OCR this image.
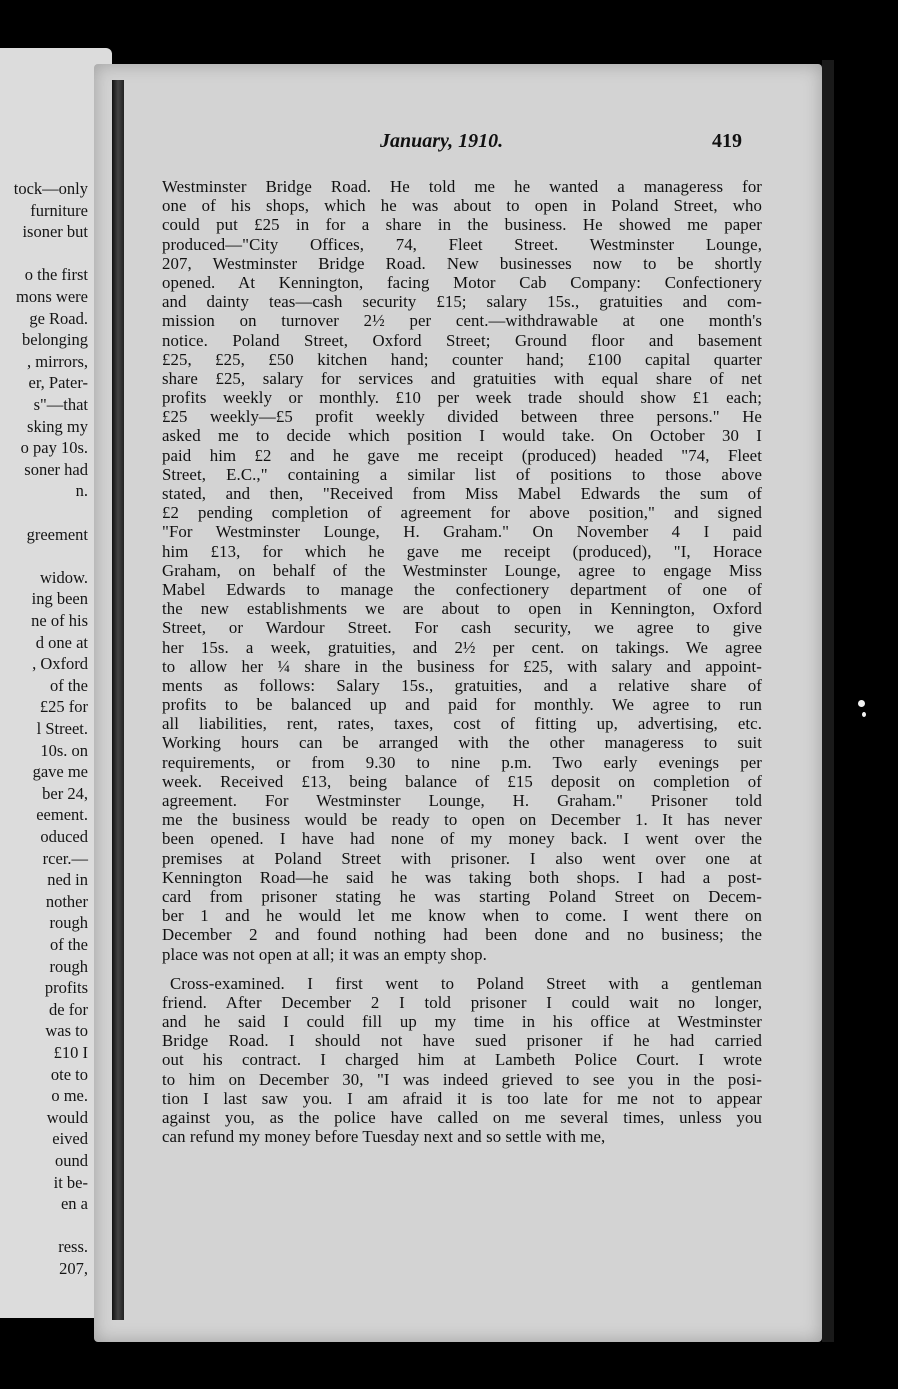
tock—only
furniture
isoner but
o the first
mons were
ge Road.
belonging
, mirrors,
er, Pater-
s"—that
sking my
o pay 10s.
soner had
n.
greement
widow.
ing been
ne of his
d one at
, Oxford
of the
£25 for
l Street.
10s. on
gave me
ber 24,
eement.
oduced
rcer.—
ned in
nother
rough
of the
rough
profits
de for
was to
£10 I
ote to
o me.
would
eived
ound
it be-
en a
ress.
207,
January, 1910.	419
Westminster Bridge Road. He told me he wanted a manageress for
one of his shops, which he was about to open in Poland Street, who
could put £25 in for a share in the business. He showed me paper
produced—"City Offices, 74, Fleet Street. Westminster Lounge,
207, Westminster Bridge Road. New businesses now to be shortly
opened. At Kennington, facing Motor Cab Company: Confectionery
and dainty teas—cash security £15; salary 15s., gratuities and com-
mission on turnover 2½ per cent.—withdrawable at one month's
notice. Poland Street, Oxford Street; Ground floor and basement
£25, £25, £50 kitchen hand; counter hand; £100 capital quarter
share £25, salary for services and gratuities with equal share of net
profits weekly or monthly. £10 per week trade should show £1 each;
£25 weekly—£5 profit weekly divided between three persons." He
asked me to decide which position I would take. On October 30 I
paid him £2 and he gave me receipt (produced) headed "74, Fleet
Street, E.C.," containing a similar list of positions to those above
stated, and then, "Received from Miss Mabel Edwards the sum of
£2 pending completion of agreement for above position," and signed
"For Westminster Lounge, H. Graham." On November 4 I paid
him £13, for which he gave me receipt (produced), "I, Horace
Graham, on behalf of the Westminster Lounge, agree to engage Miss
Mabel Edwards to manage the confectionery department of one of
the new establishments we are about to open in Kennington, Oxford
Street, or Wardour Street. For cash security, we agree to give
her 15s. a week, gratuities, and 2½ per cent. on takings. We agree
to allow her ¼ share in the business for £25, with salary and appoint-
ments as follows: Salary 15s., gratuities, and a relative share of
profits to be balanced up and paid for monthly. We agree to run
all liabilities, rent, rates, taxes, cost of fitting up, advertising, etc.
Working hours can be arranged with the other manageress to suit
requirements, or from 9.30 to nine p.m. Two early evenings per
week. Received £13, being balance of £15 deposit on completion of
agreement. For Westminster Lounge, H. Graham." Prisoner told
me the business would be ready to open on December 1. It has never
been opened. I have had none of my money back. I went over the
premises at Poland Street with prisoner. I also went over one at
Kennington Road—he said he was taking both shops. I had a post-
card from prisoner stating he was starting Poland Street on Decem-
ber 1 and he would let me know when to come. I went there on
December 2 and found nothing had been done and no business; the
place was not open at all; it was an empty shop.
Cross-examined. I first went to Poland Street with a gentleman
friend. After December 2 I told prisoner I could wait no longer,
and he said I could fill up my time in his office at Westminster
Bridge Road. I should not have sued prisoner if he had carried
out his contract. I charged him at Lambeth Police Court. I wrote
to him on December 30, "I was indeed grieved to see you in the posi-
tion I last saw you. I am afraid it is too late for me not to appear
against you, as the police have called on me several times, unless you
can refund my money before Tuesday next and so settle with me,
